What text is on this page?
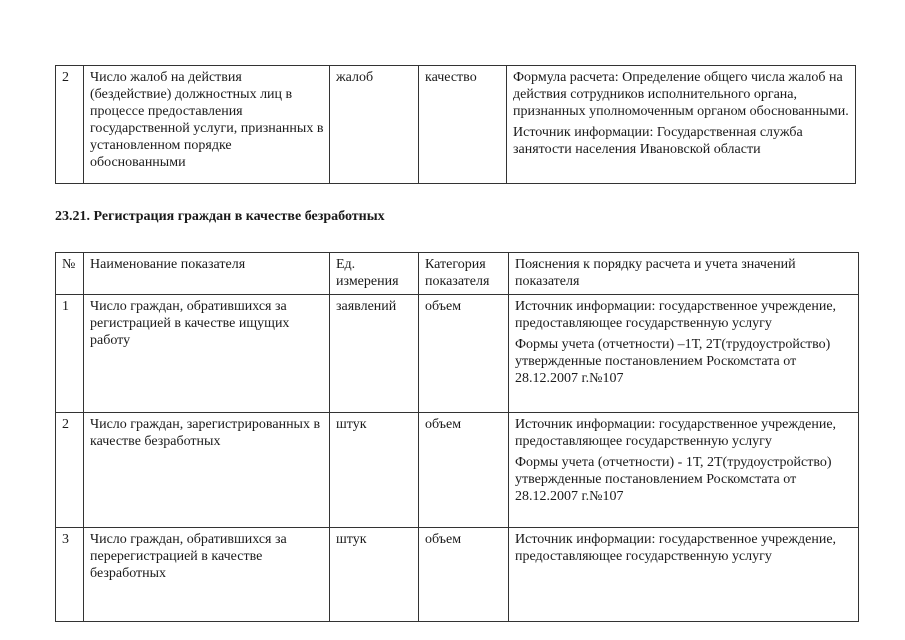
2	Число жалоб на действия (бездействие) должностных лиц в процессе предоставления государственной услуги, признанных в установленном порядке обоснованными	жалоб	качество	Формула расчета: Определение общего числа жалоб на действия сотрудников исполнительного органа, признанных уполномоченным органом обоснованными.

Источник информации: Государственная служба занятости населения Ивановской области

23.21. Регистрация граждан в качестве безработных
№	Наименование показателя	Ед. измерения	Категория показателя	Пояснения к порядку расчета и учета значений показателя
1	Число граждан, обратившихся за регистрацией в качестве ищущих работу	заявлений	объем	Источник информации: государственное учреждение, предоставляющее государственную услугу

Формы учета (отчетности) –1Т, 2Т(трудоустройство) утвержденные постановлением Роскомстата от 28.12.2007 г.№107

2	Число граждан, зарегистрированных в качестве безработных	штук	объем	Источник информации: государственное учреждение, предоставляющее государственную услугу

Формы учета (отчетности) - 1Т, 2Т(трудоустройство) утвержденные постановлением Роскомстата от 28.12.2007 г.№107

3	Число граждан, обратившихся за перерегистрацией в качестве безработных	штук	объем	Источник информации: государственное учреждение, предоставляющее государственную услугу
